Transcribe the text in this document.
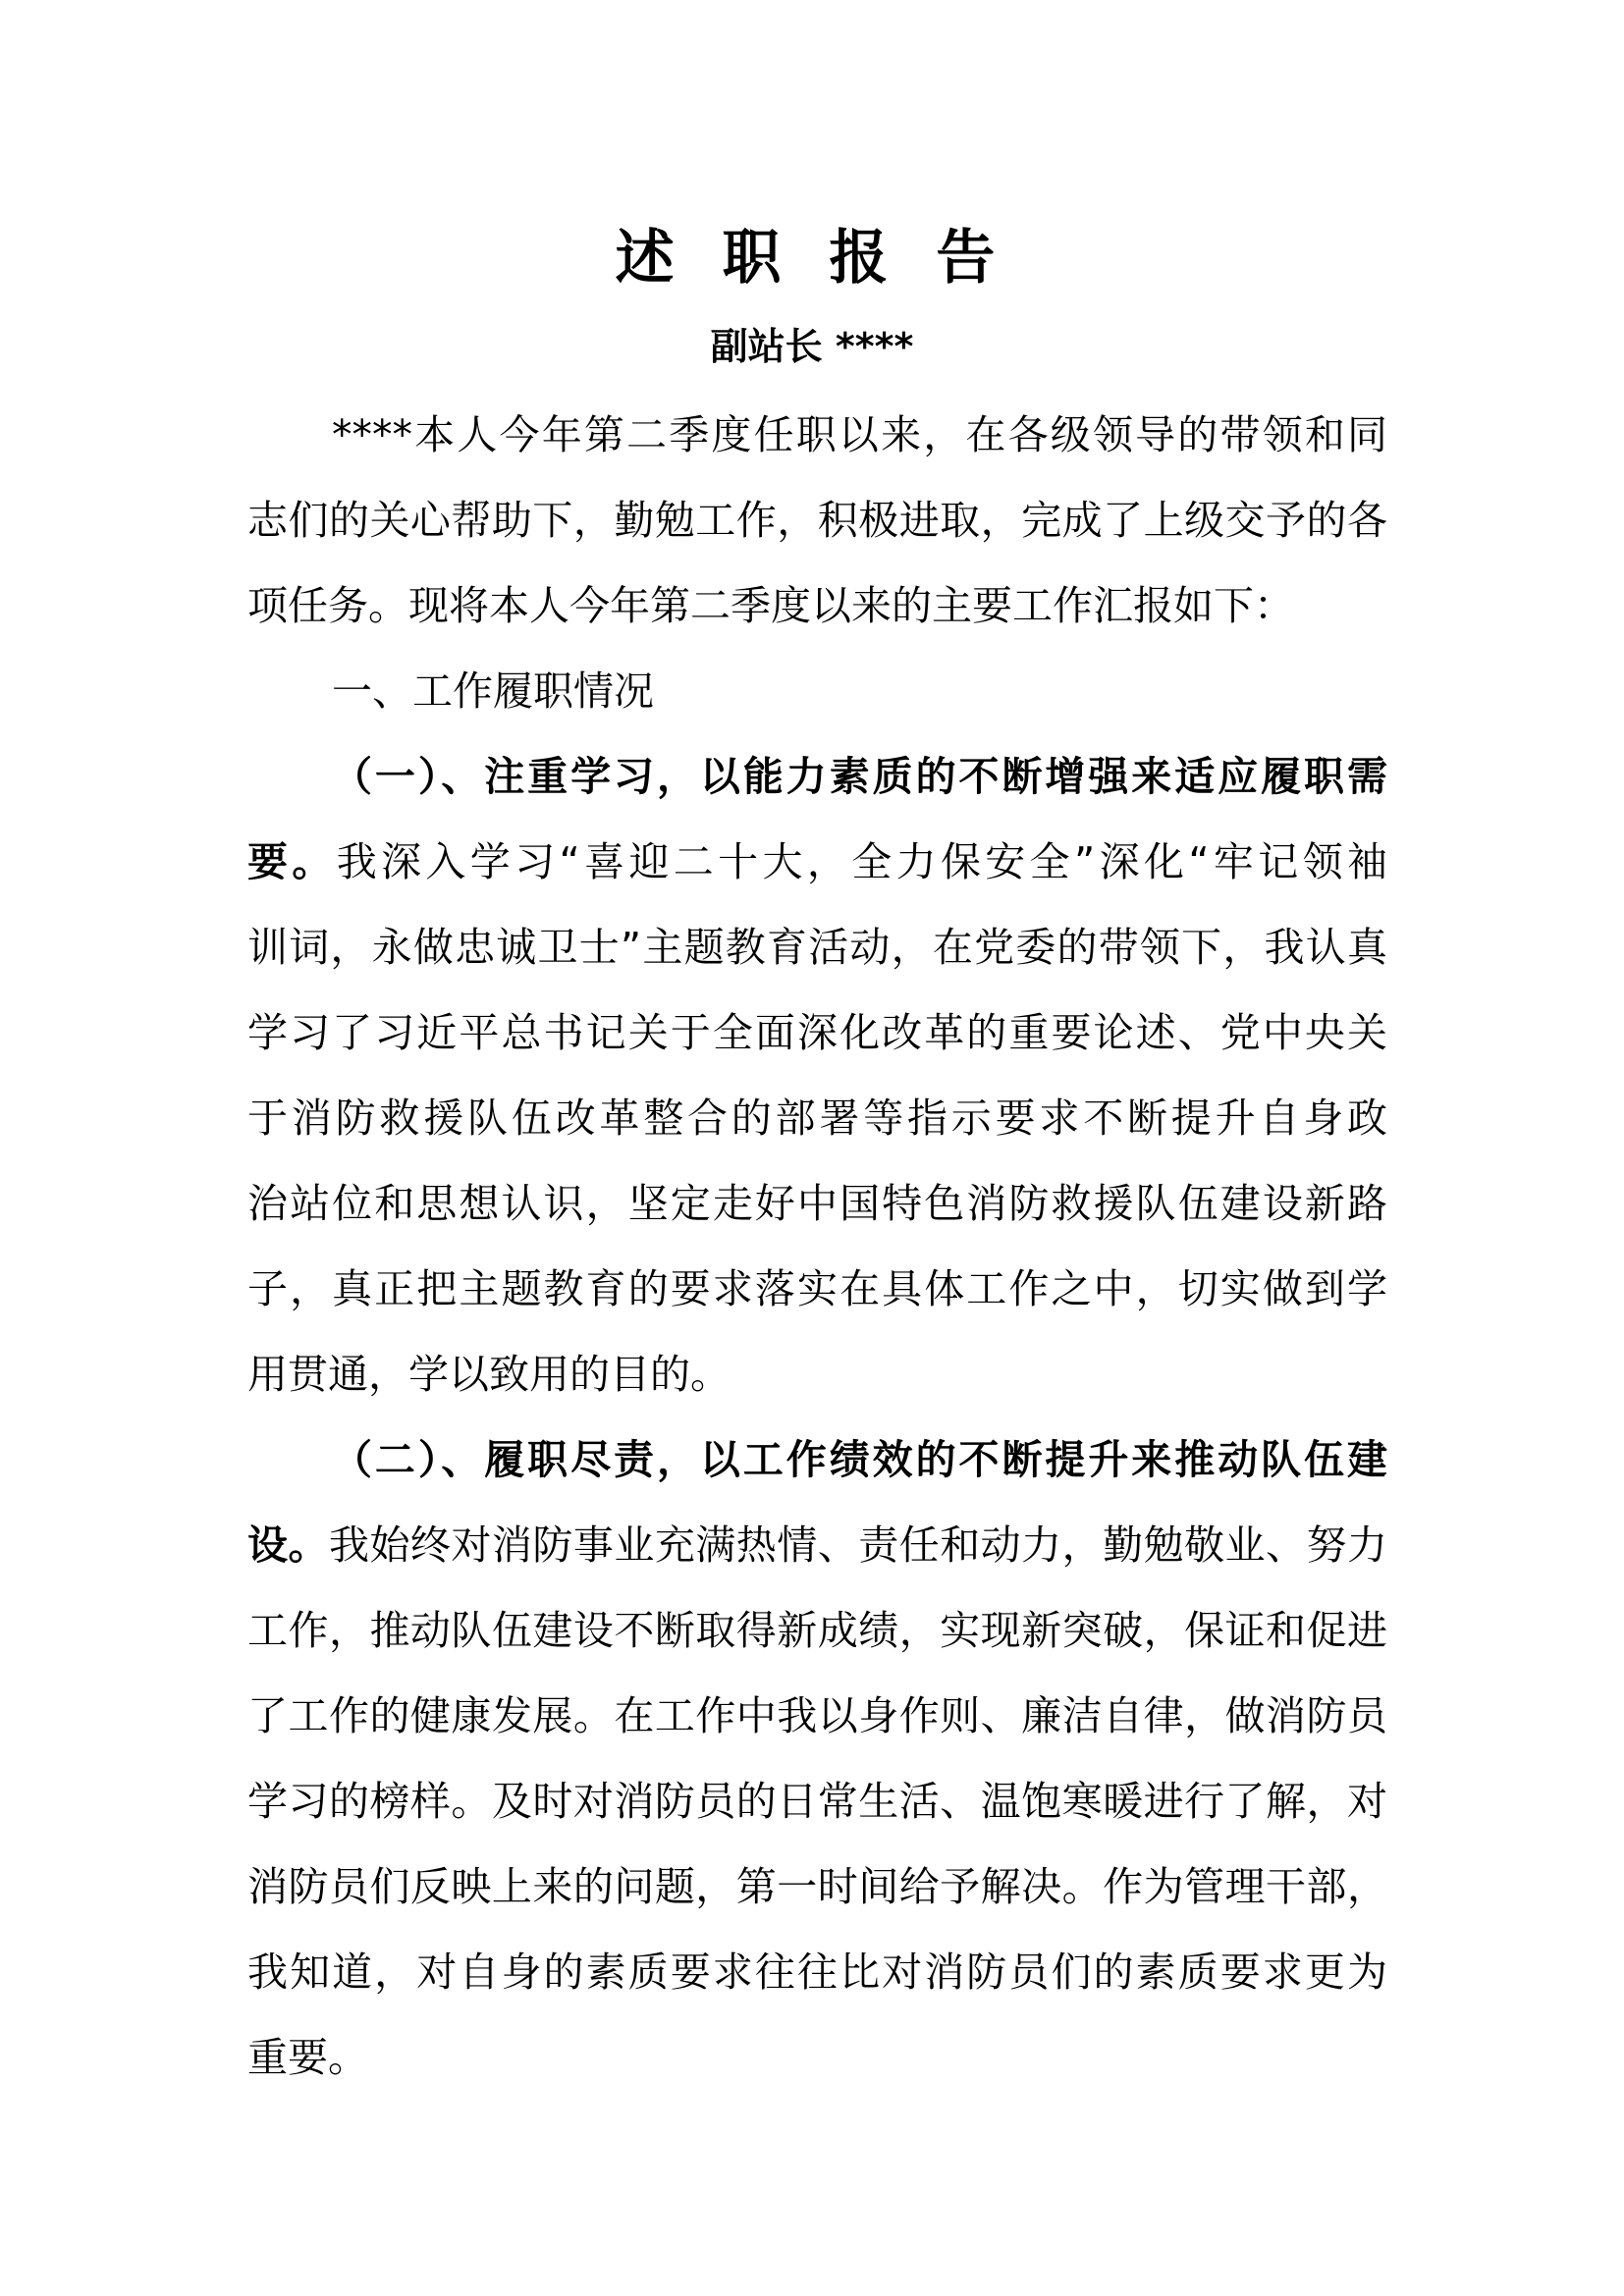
述 职 报 告
副站长 ****
****本人今年第二季度任职以来，在各级领导的带领和同
志们的关心帮助下，勤勉工作，积极进取，完成了上级交予的各
项任务。现将本人今年第二季度以来的主要工作汇报如下：
一、工作履职情况
（一）、注重学习，以能力素质的不断增强来适应履职需
要。我深入学习“喜迎二十大，全力保安全”深化“牢记领袖
训词，永做忠诚卫士”主题教育活动，在党委的带领下，我认真
学习了习近平总书记关于全面深化改革的重要论述、党中央关
于消防救援队伍改革整合的部署等指示要求不断提升自身政
治站位和思想认识，坚定走好中国特色消防救援队伍建设新路
子，真正把主题教育的要求落实在具体工作之中，切实做到学
用贯通，学以致用的目的。
（二）、履职尽责，以工作绩效的不断提升来推动队伍建
设。我始终对消防事业充满热情、责任和动力，勤勉敬业、努力
工作，推动队伍建设不断取得新成绩，实现新突破，保证和促进
了工作的健康发展。在工作中我以身作则、廉洁自律，做消防员
学习的榜样。及时对消防员的日常生活、温饱寒暖进行了解，对
消防员们反映上来的问题，第一时间给予解决。作为管理干部，
我知道，对自身的素质要求往往比对消防员们的素质要求更为
重要。
